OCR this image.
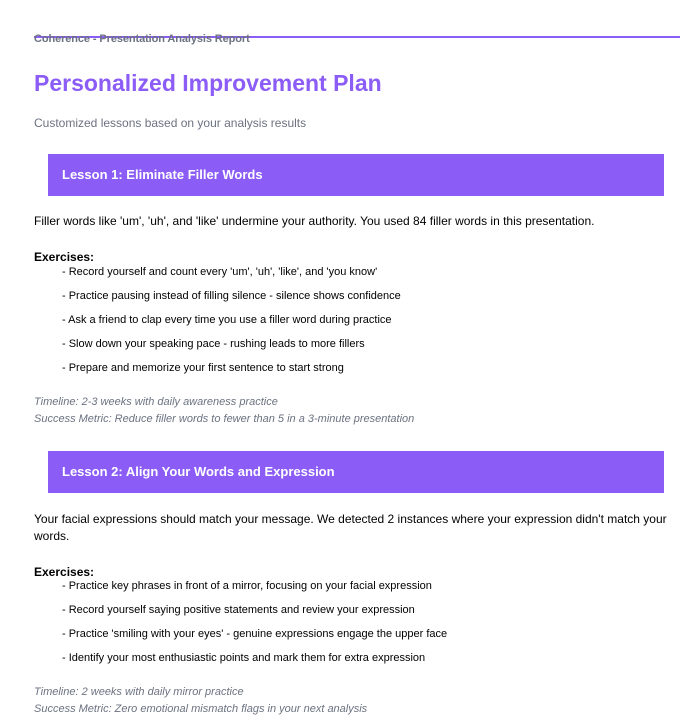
Coherence - Presentation Analysis Report
Personalized Improvement Plan
Customized lessons based on your analysis results
Lesson 1: Eliminate Filler Words
Filler words like 'um', 'uh', and 'like' undermine your authority. You used 84 filler words in this presentation.
Exercises:
- Record yourself and count every 'um', 'uh', 'like', and 'you know'
- Practice pausing instead of filling silence - silence shows confidence
- Ask a friend to clap every time you use a filler word during practice
- Slow down your speaking pace - rushing leads to more fillers
- Prepare and memorize your first sentence to start strong
Timeline: 2-3 weeks with daily awareness practice
Success Metric: Reduce filler words to fewer than 5 in a 3-minute presentation
Lesson 2: Align Your Words and Expression
Your facial expressions should match your message. We detected 2 instances where your expression didn't match your words.
Exercises:
- Practice key phrases in front of a mirror, focusing on your facial expression
- Record yourself saying positive statements and review your expression
- Practice 'smiling with your eyes' - genuine expressions engage the upper face
- Identify your most enthusiastic points and mark them for extra expression
Timeline: 2 weeks with daily mirror practice
Success Metric: Zero emotional mismatch flags in your next analysis
